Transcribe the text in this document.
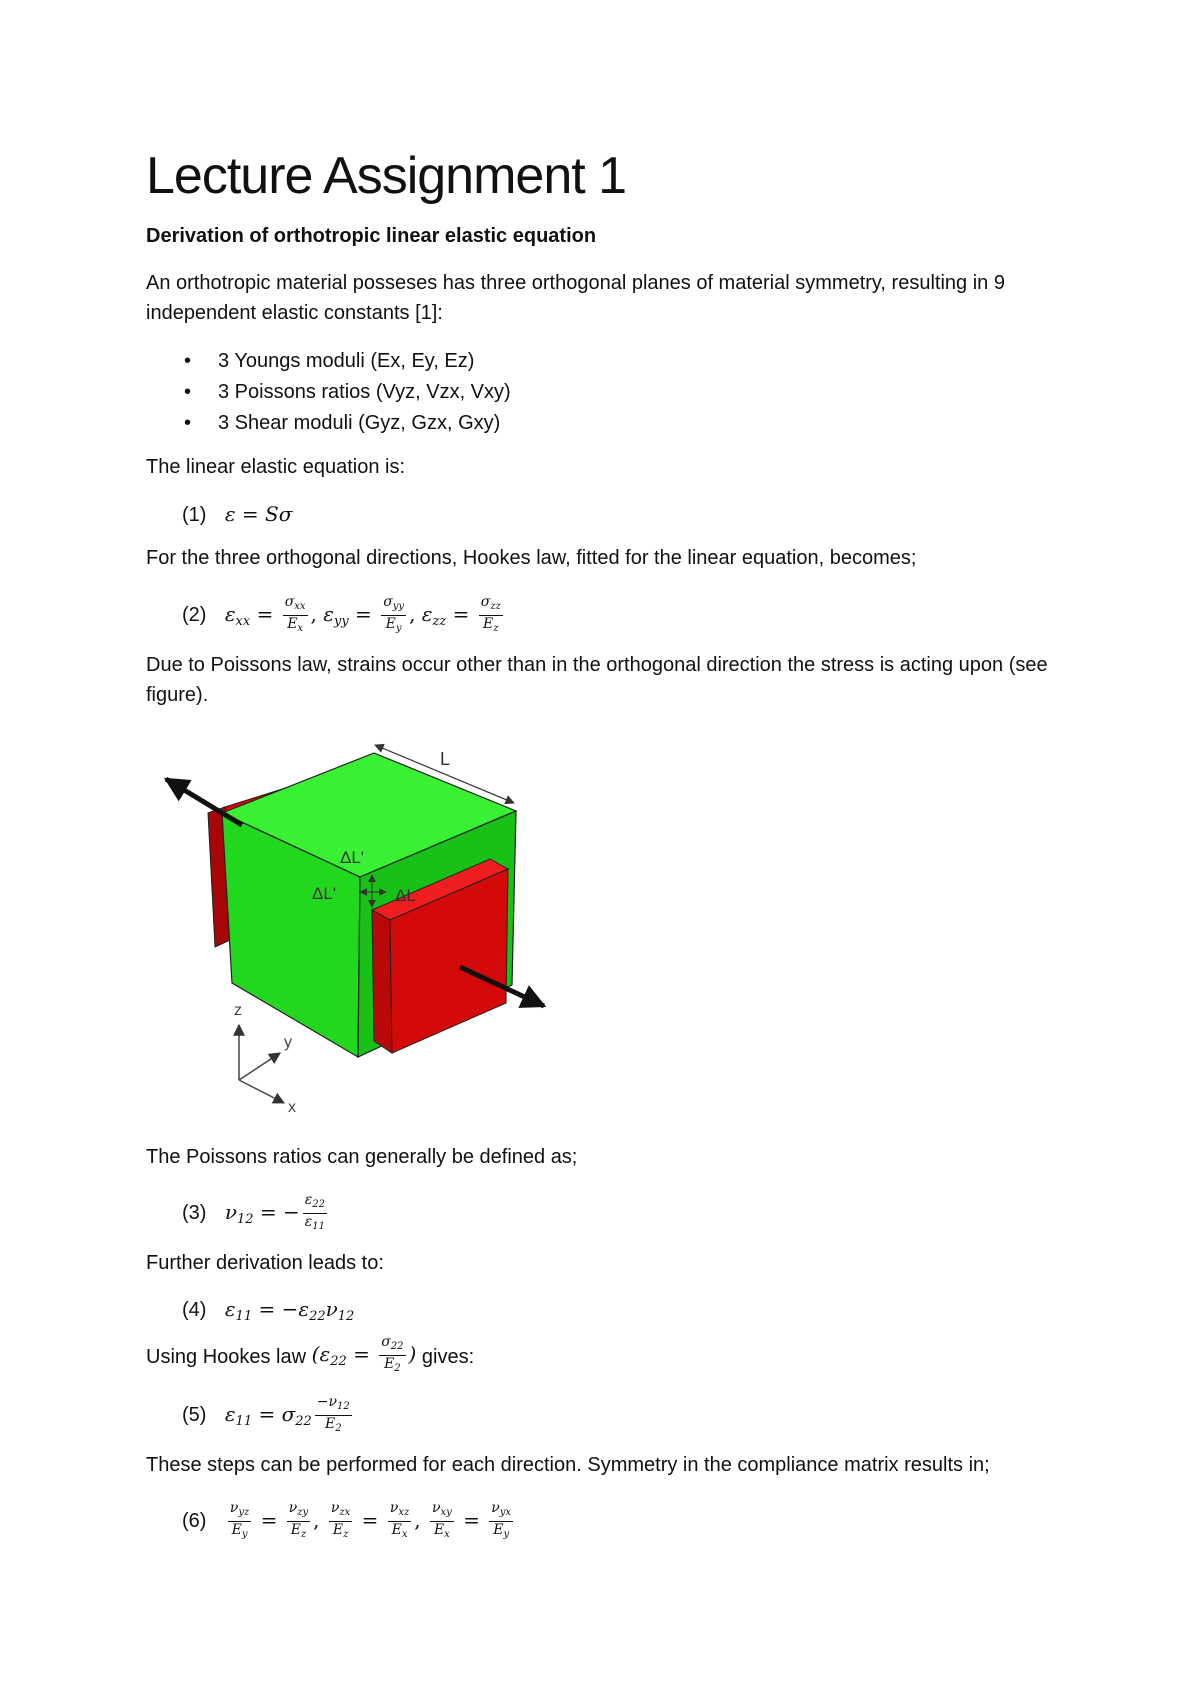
Lecture Assignment 1
Derivation of orthotropic linear elastic equation
An orthotropic material posseses has three orthogonal planes of material symmetry, resulting in 9 independent elastic constants [1]:
• 3 Youngs moduli (Ex, Ey, Ez)
• 3 Poissons ratios (Vyz, Vzx, Vxy)
• 3 Shear moduli (Gyz, Gzx, Gxy)
The linear elastic equation is:
(1) ε = Sσ
For the three orthogonal directions, Hookes law, fitted for the linear equation, becomes;
(2) $\varepsilon_{xx} = \frac{\sigma_{xx}}{E_x}$ , $\varepsilon_{yy} = \frac{\sigma_{yy}}{E_y}$ , $\varepsilon_{zz} = \frac{\sigma_{zz}}{E_z}$
Due to Poissons law, strains occur other than in the orthogonal direction the stress is acting upon (see figure).
L
ΔL'
ΔL'	ΔL
z
y
x
The Poissons ratios can generally be defined as;
(3) $\nu_{12}$ = − $\frac{\varepsilon_{22}}{\varepsilon_{11}}$
Further derivation leads to:
(4) $\varepsilon_{11} = -\varepsilon_{22}\nu_{12}$
Using Hookes law ($\varepsilon_{22} = \frac{\sigma_{22}}{E_2}$ ) gives:
(5) $\varepsilon_{11} = \sigma_{22} \frac{-\nu_{12}}{E_2}$
These steps can be performed for each direction. Symmetry in the compliance matrix results in;
$(6) \frac{\nu_{yz}}{E_y} = \frac{\nu_{zy}}{E_z}$ , $\frac{\nu_{zx}}{E_z} = \frac{\nu_{xz}}{E_x}$ , $\frac{\nu_{xy}}{E_x} = \frac{\nu_{yx}}{E_y}$
